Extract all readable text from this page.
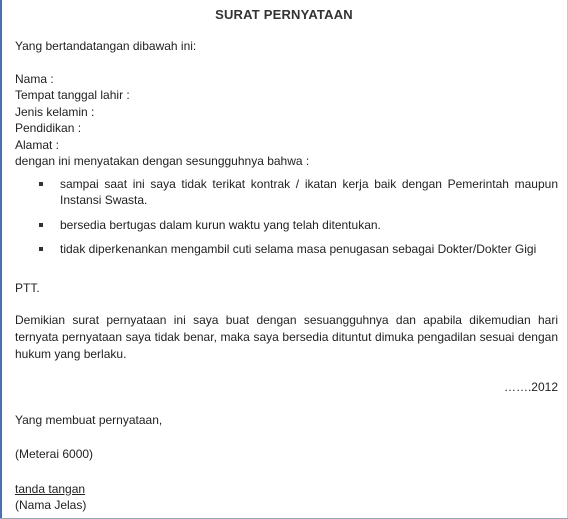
SURAT PERNYATAAN
Yang bertandatangan dibawah ini:
Nama :
Tempat tanggal lahir :
Jenis kelamin :
Pendidikan :
Alamat :
dengan ini menyatakan dengan sesungguhnya bahwa :
sampai saat ini saya tidak terikat kontrak / ikatan kerja baik dengan Pemerintah maupun Instansi Swasta.
bersedia bertugas dalam kurun waktu yang telah ditentukan.
tidak diperkenankan mengambil cuti selama masa penugasan sebagai Dokter/Dokter Gigi
PTT.

Demikian surat pernyataan ini saya buat dengan sesuangguhnya dan apabila dikemudian hari ternyata pernyataan saya tidak benar, maka saya bersedia dituntut dimuka pengadilan sesuai dengan hukum yang berlaku.

…….2012

Yang membuat pernyataan,
(Meterai 6000)
tanda tangan
(Nama Jelas)
